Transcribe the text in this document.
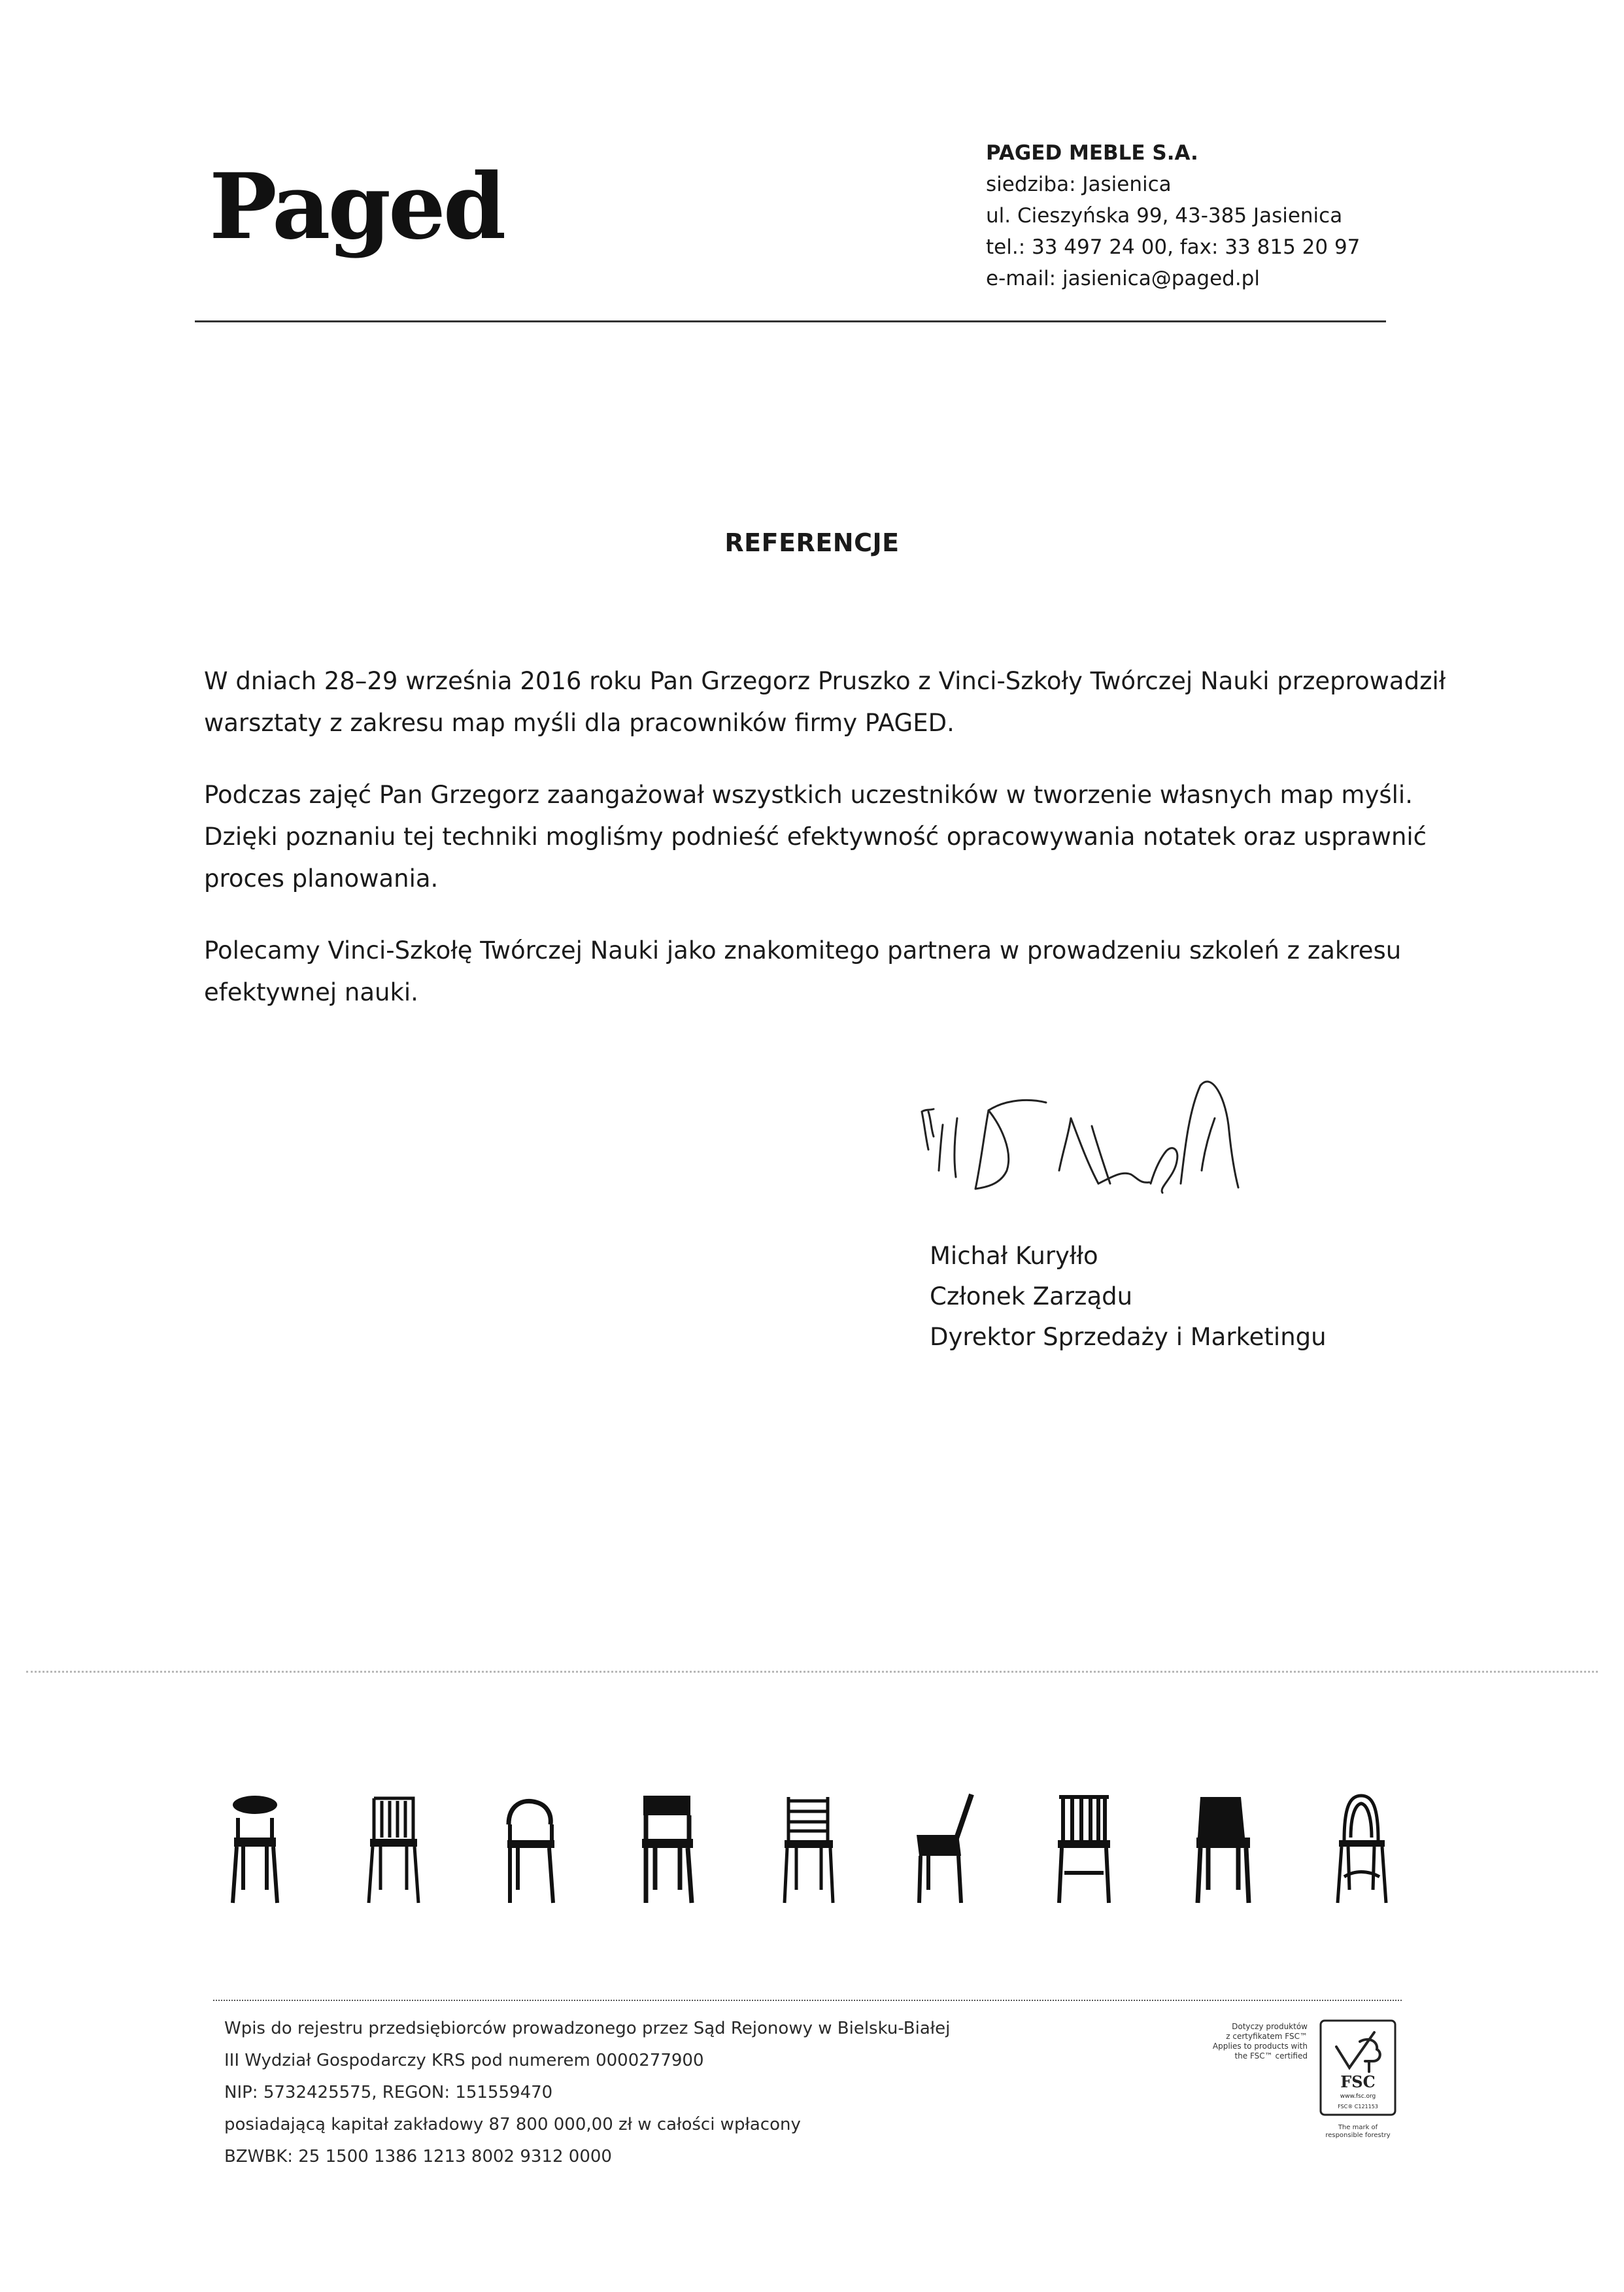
Paged	PAGED MEBLE S.A.
siedziba: Jasienica
ul. Cieszyńska 99, 43-385 Jasienica
tel.: 33 497 24 00, fax: 33 815 20 97
e-mail: jasienica@paged.pl
REFERENCJE

W dniach 28–29 września 2016 roku Pan Grzegorz Pruszko z Vinci-Szkoły Twórczej Nauki przeprowadził warsztaty z zakresu map myśli dla pracowników firmy PAGED.

Podczas zajęć Pan Grzegorz zaangażował wszystkich uczestników w tworzenie własnych map myśli. Dzięki poznaniu tej techniki mogliśmy podnieść efektywność opracowywania notatek oraz usprawnić proces planowania.

Polecamy Vinci-Szkołę Twórczej Nauki jako znakomitego partnera w prowadzeniu szkoleń z zakresu efektywnej nauki.

Michał Kuryłło
Członek Zarządu
Dyrektor Sprzedaży i Marketingu
Wpis do rejestru przedsiębiorców prowadzonego przez Sąd Rejonowy w Bielsku-Białej
III Wydział Gospodarczy KRS pod numerem 0000277900
NIP: 5732425575, REGON: 151559470
posiadającą kapitał zakładowy 87 800 000,00 zł w całości wpłacony
BZWBK: 25 1500 1386 1213 8002 9312 0000
Dotyczy produktów
z certyfikatem FSC™
Applies to products with
the FSC™ certified
FSC
www.fsc.org
FSC® C121153
The mark of
responsible forestry
